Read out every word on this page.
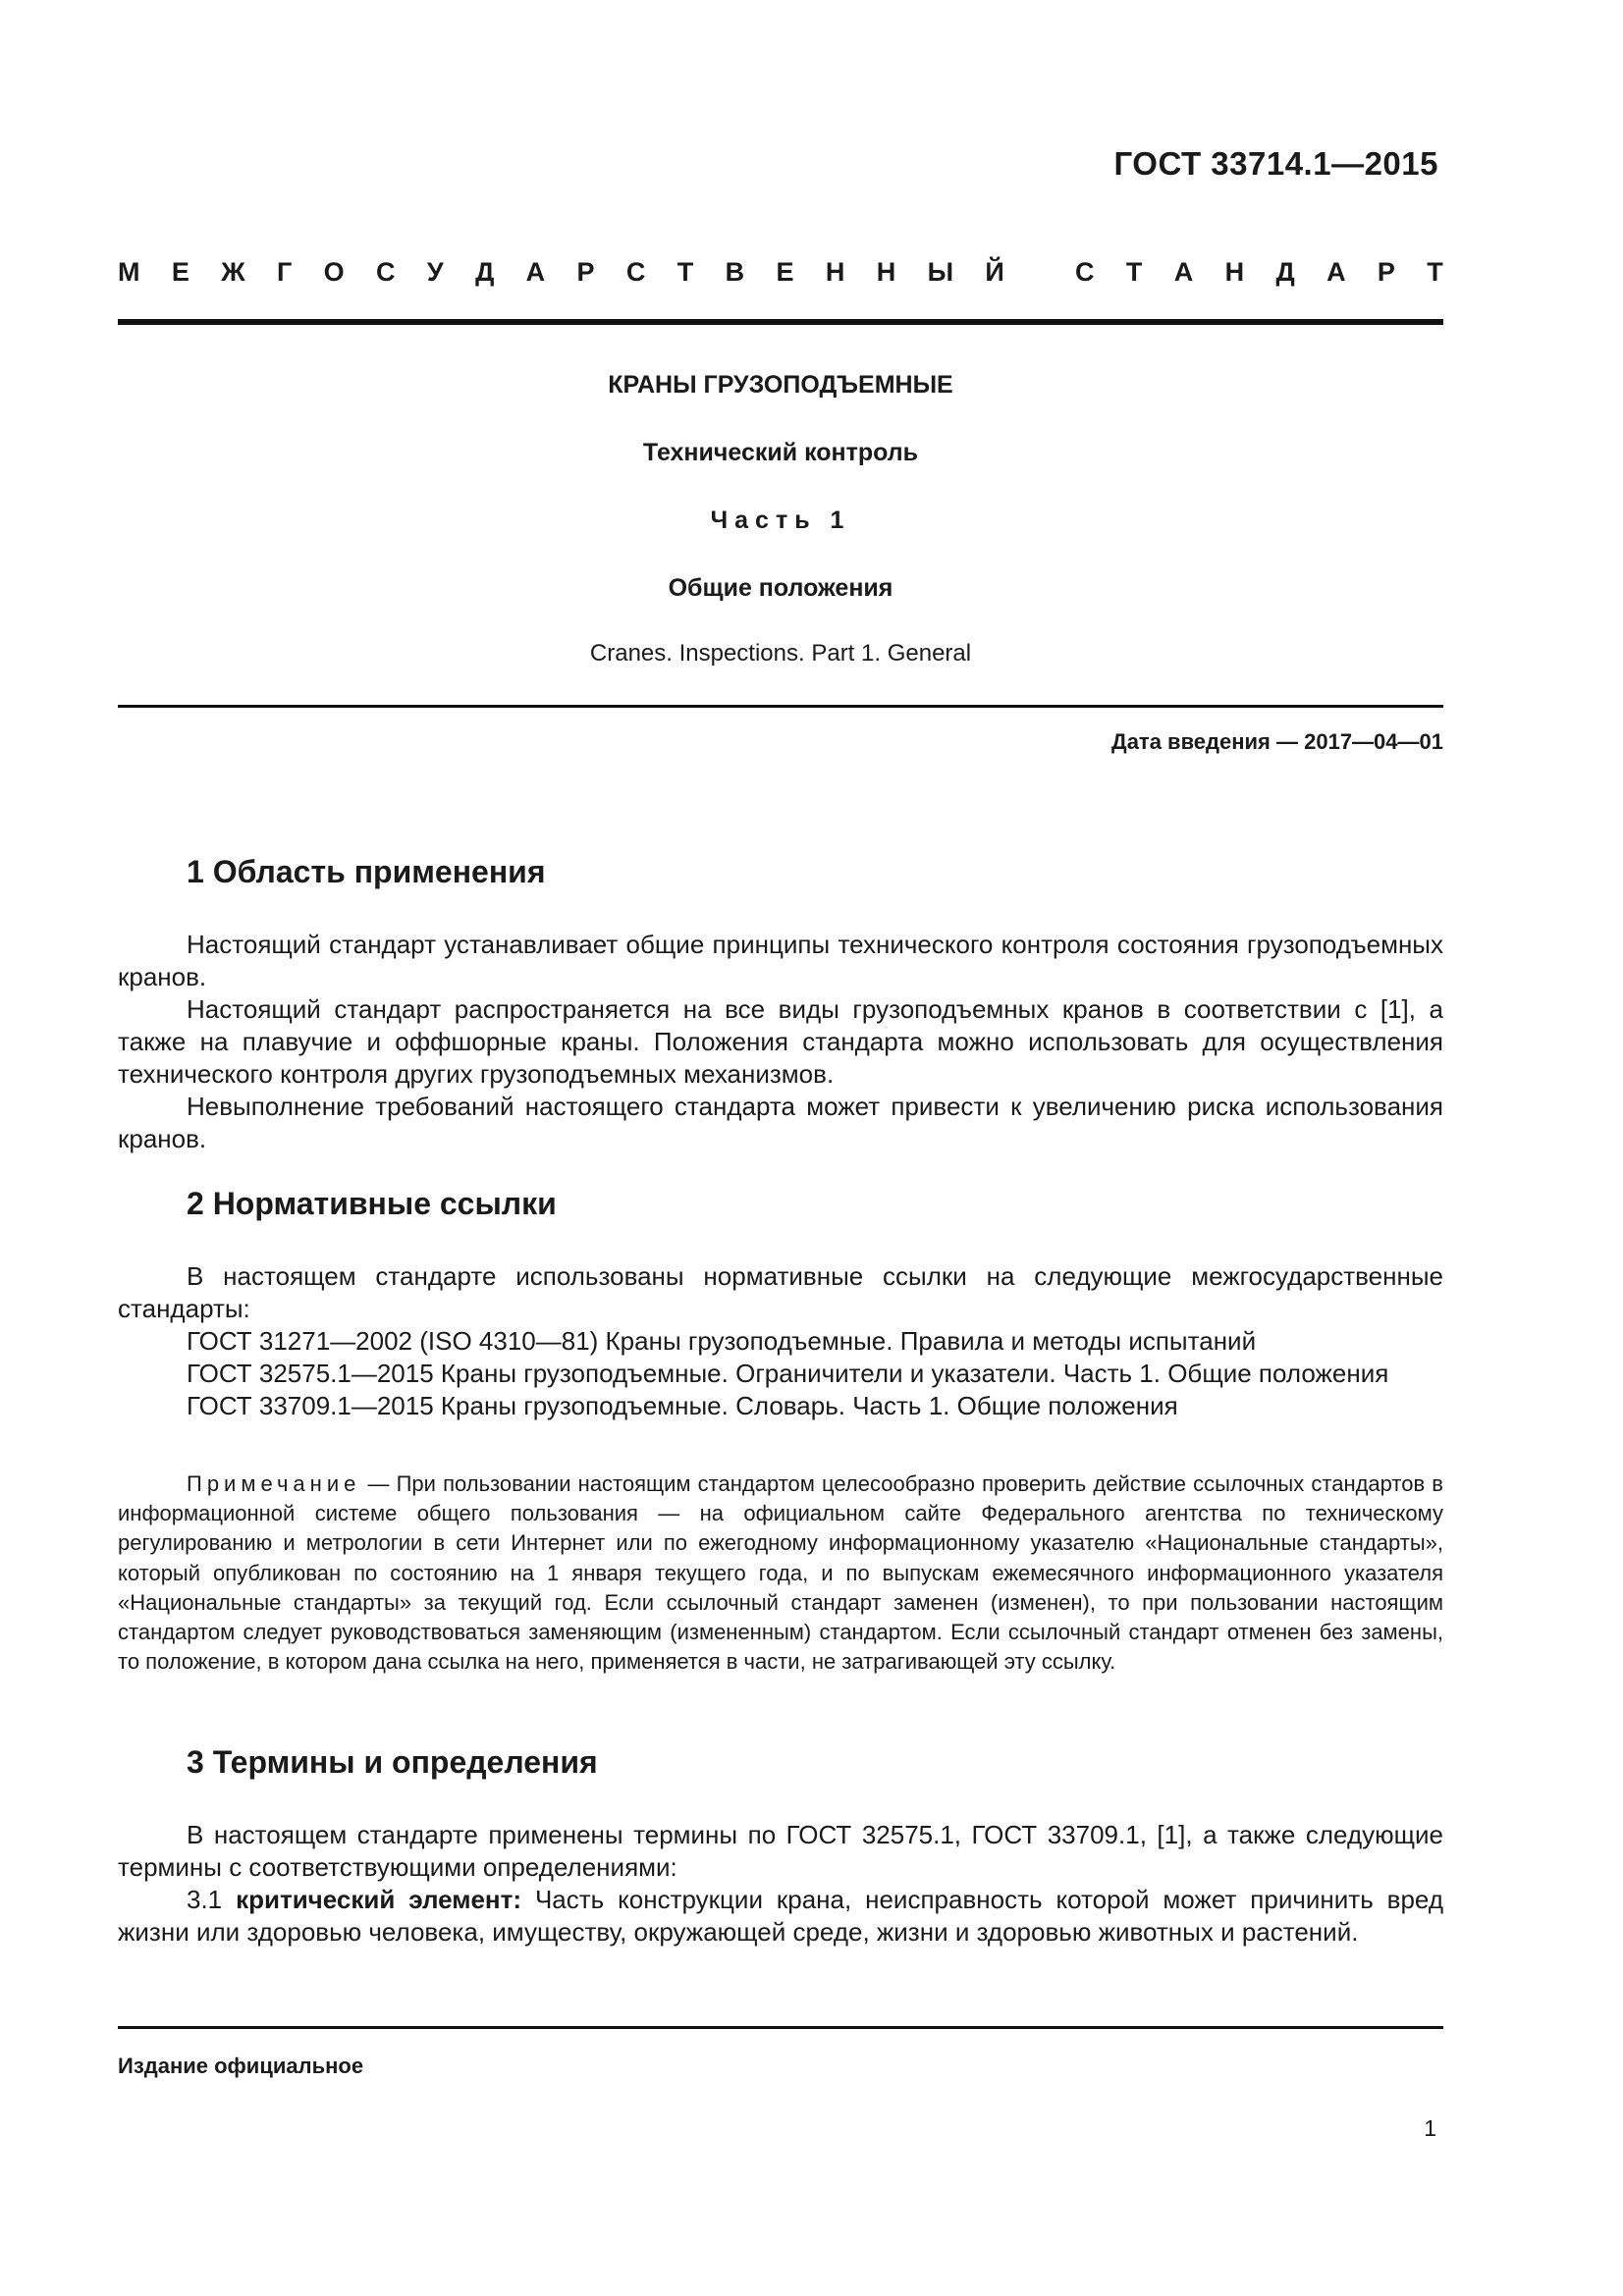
ГОСТ 33714.1—2015
М Е Ж Г О С У Д А Р С Т В Е Н Н Ы Й
	С Т А Н Д А Р Т
КРАНЫ ГРУЗОПОДЪЕМНЫЕ
Технический контроль
Часть 1
Общие положения
Cranes. Inspections. Part 1. General
Дата введения — 2017—04—01
1 Область применения

Настоящий стандарт устанавливает общие принципы технического контроля состояния грузоподъемных кранов.

Настоящий стандарт распространяется на все виды грузоподъемных кранов в соответствии с [1], а также на плавучие и оффшорные краны. Положения стандарта можно использовать для осуществления технического контроля других грузоподъемных механизмов.

Невыполнение требований настоящего стандарта может привести к увеличению риска использования кранов.

2 Нормативные ссылки

В настоящем стандарте использованы нормативные ссылки на следующие межгосударственные стандарты:

ГОСТ 31271—2002 (ISO 4310—81) Краны грузоподъемные. Правила и методы испытаний

ГОСТ 32575.1—2015 Краны грузоподъемные. Ограничители и указатели. Часть 1. Общие положения

ГОСТ 33709.1—2015 Краны грузоподъемные. Словарь. Часть 1. Общие положения

Примечание — При пользовании настоящим стандартом целесообразно проверить действие ссылочных стандартов в информационной системе общего пользования — на официальном сайте Федерального агентства по техническому регулированию и метрологии в сети Интернет или по ежегодному информационному указателю «Национальные стандарты», который опубликован по состоянию на 1 января текущего года, и по выпускам ежемесячного информационного указателя «Национальные стандарты» за текущий год. Если ссылочный стандарт заменен (изменен), то при пользовании настоящим стандартом следует руководствоваться заменяющим (измененным) стандартом. Если ссылочный стандарт отменен без замены, то положение, в котором дана ссылка на него, применяется в части, не затрагивающей эту ссылку.

3 Термины и определения

В настоящем стандарте применены термины по ГОСТ 32575.1, ГОСТ 33709.1, [1], а также следующие термины с соответствующими определениями:

3.1 критический элемент: Часть конструкции крана, неисправность которой может причинить вред жизни или здоровью человека, имуществу, окружающей среде, жизни и здоровью животных и растений.

Издание официальное
1
